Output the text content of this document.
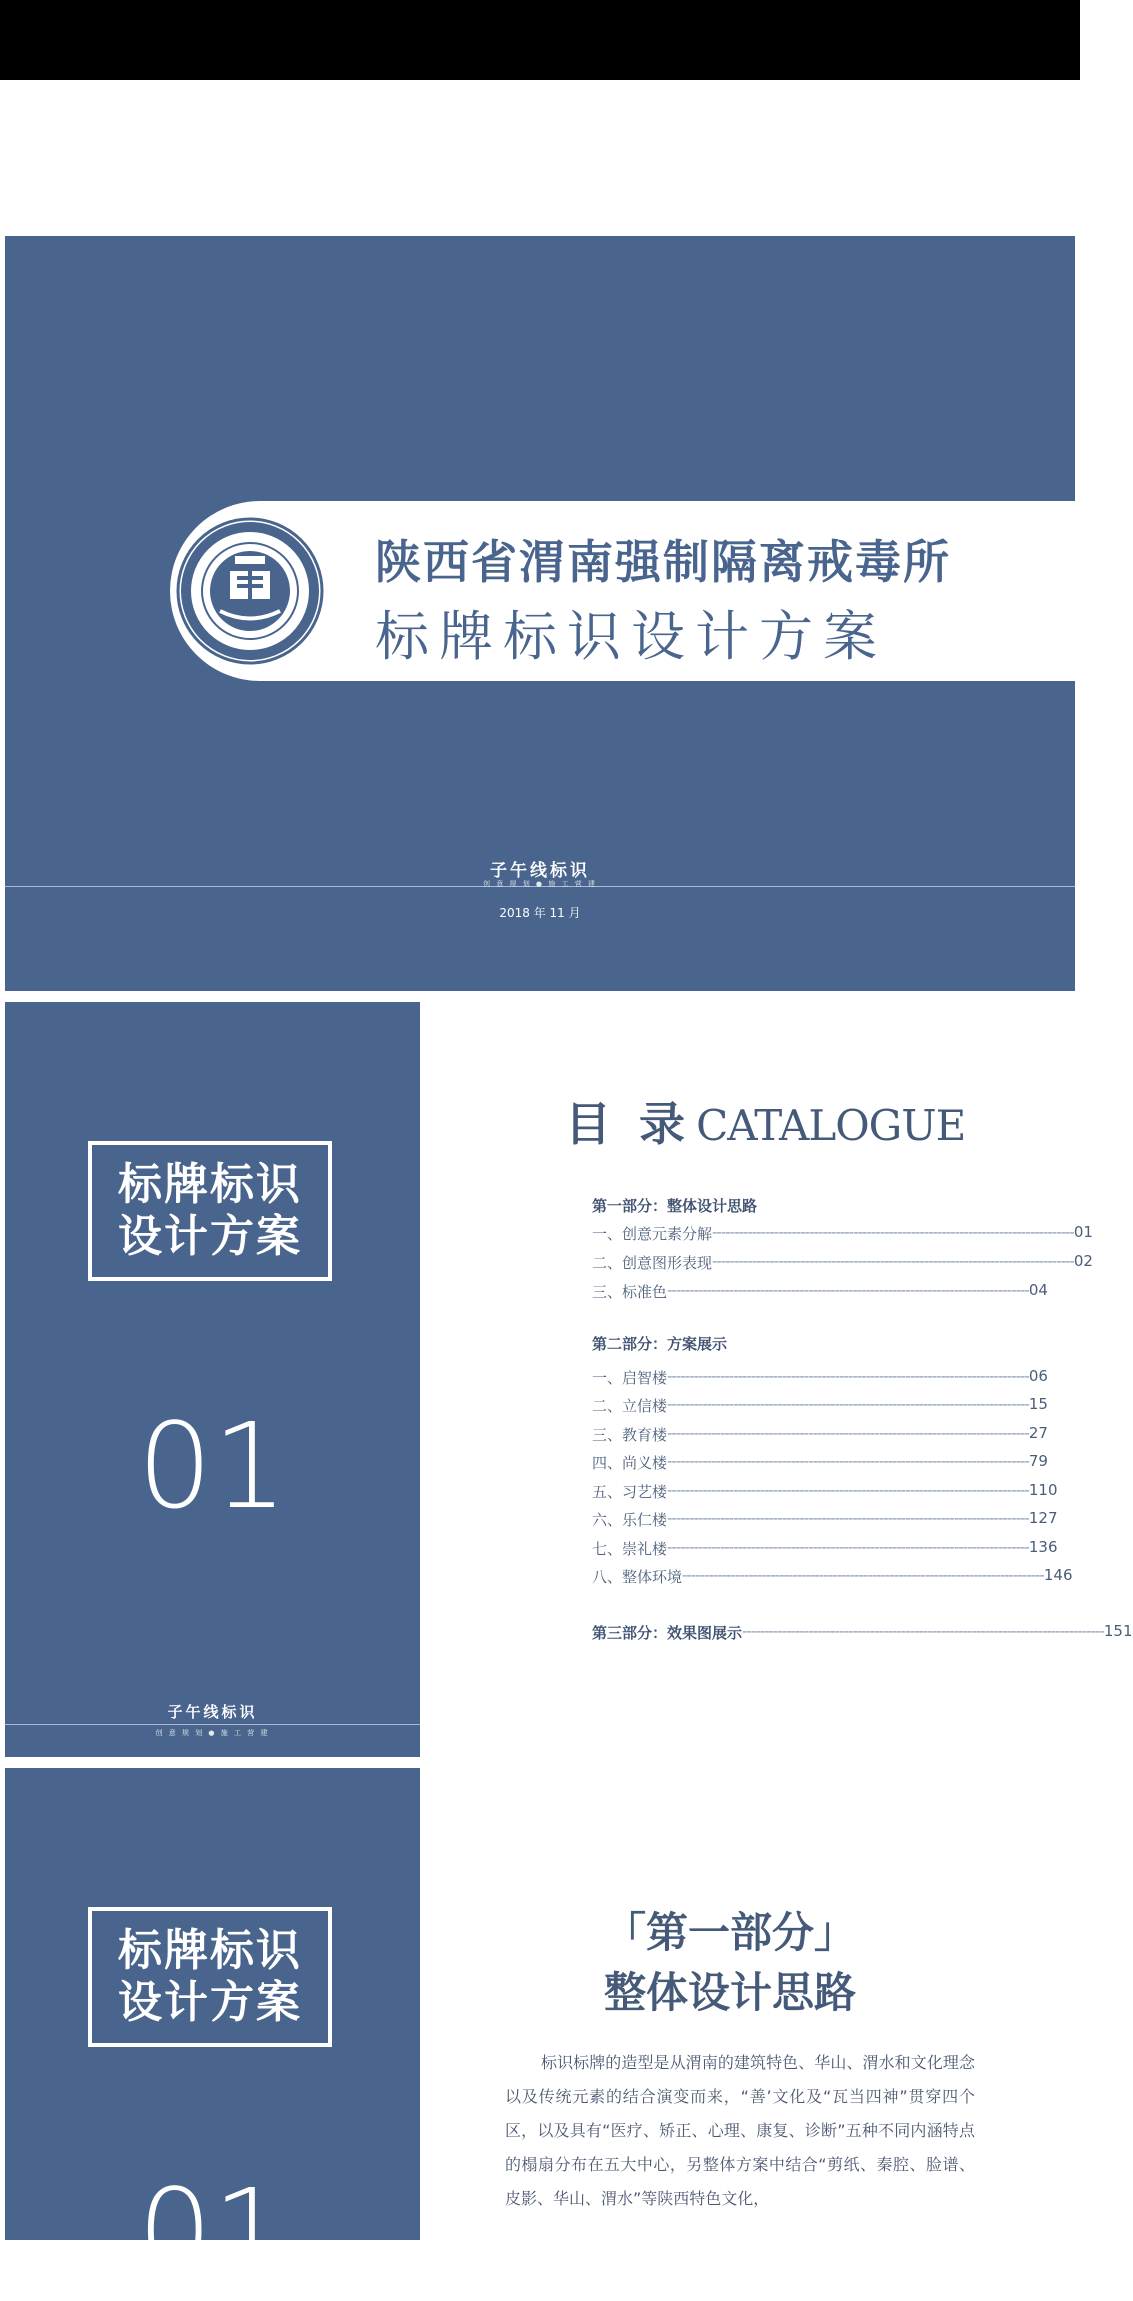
陕西省渭南强制隔离戒毒所
标牌标识设计方案
子午线标识
创 意 规 划 ● 施 工 营 建
2018 年 11 月
标牌标识
设计方案
01
子午线标识
创 意 规 划 ● 施 工 营 建
目 录 CATALOGUE
第一部分：整体设计思路
一、创意元素分解 ---------------------------------------------------------------------------------- 01
二、创意图形表现 ---------------------------------------------------------------------------------- 02
三、标准色 ---------------------------------------------------------------------------------- 04
第二部分：方案展示
一、启智楼 ---------------------------------------------------------------------------------- 06
二、立信楼 ---------------------------------------------------------------------------------- 15
三、教育楼 ---------------------------------------------------------------------------------- 27
四、尚义楼 ---------------------------------------------------------------------------------- 79
五、习艺楼 ---------------------------------------------------------------------------------- 110
六、乐仁楼 ---------------------------------------------------------------------------------- 127
七、崇礼楼 ---------------------------------------------------------------------------------- 136
八、整体环境 ---------------------------------------------------------------------------------- 146
第三部分：效果图展示 ---------------------------------------------------------------------------------- 151
标牌标识
设计方案
01
「第一部分」
整体设计思路
标识标牌的造型是从渭南的建筑特色、华山、渭水和文化理念以及传统元素的结合演变而来，“善’文化及“瓦当四神”贯穿四个区，以及具有“医疗、矫正、心理、康复、诊断”五种不同内涵特点的榻扇分布在五大中心，另整体方案中结合“剪纸、秦腔、脸谱、皮影、华山、渭水”等陕西特色文化，
